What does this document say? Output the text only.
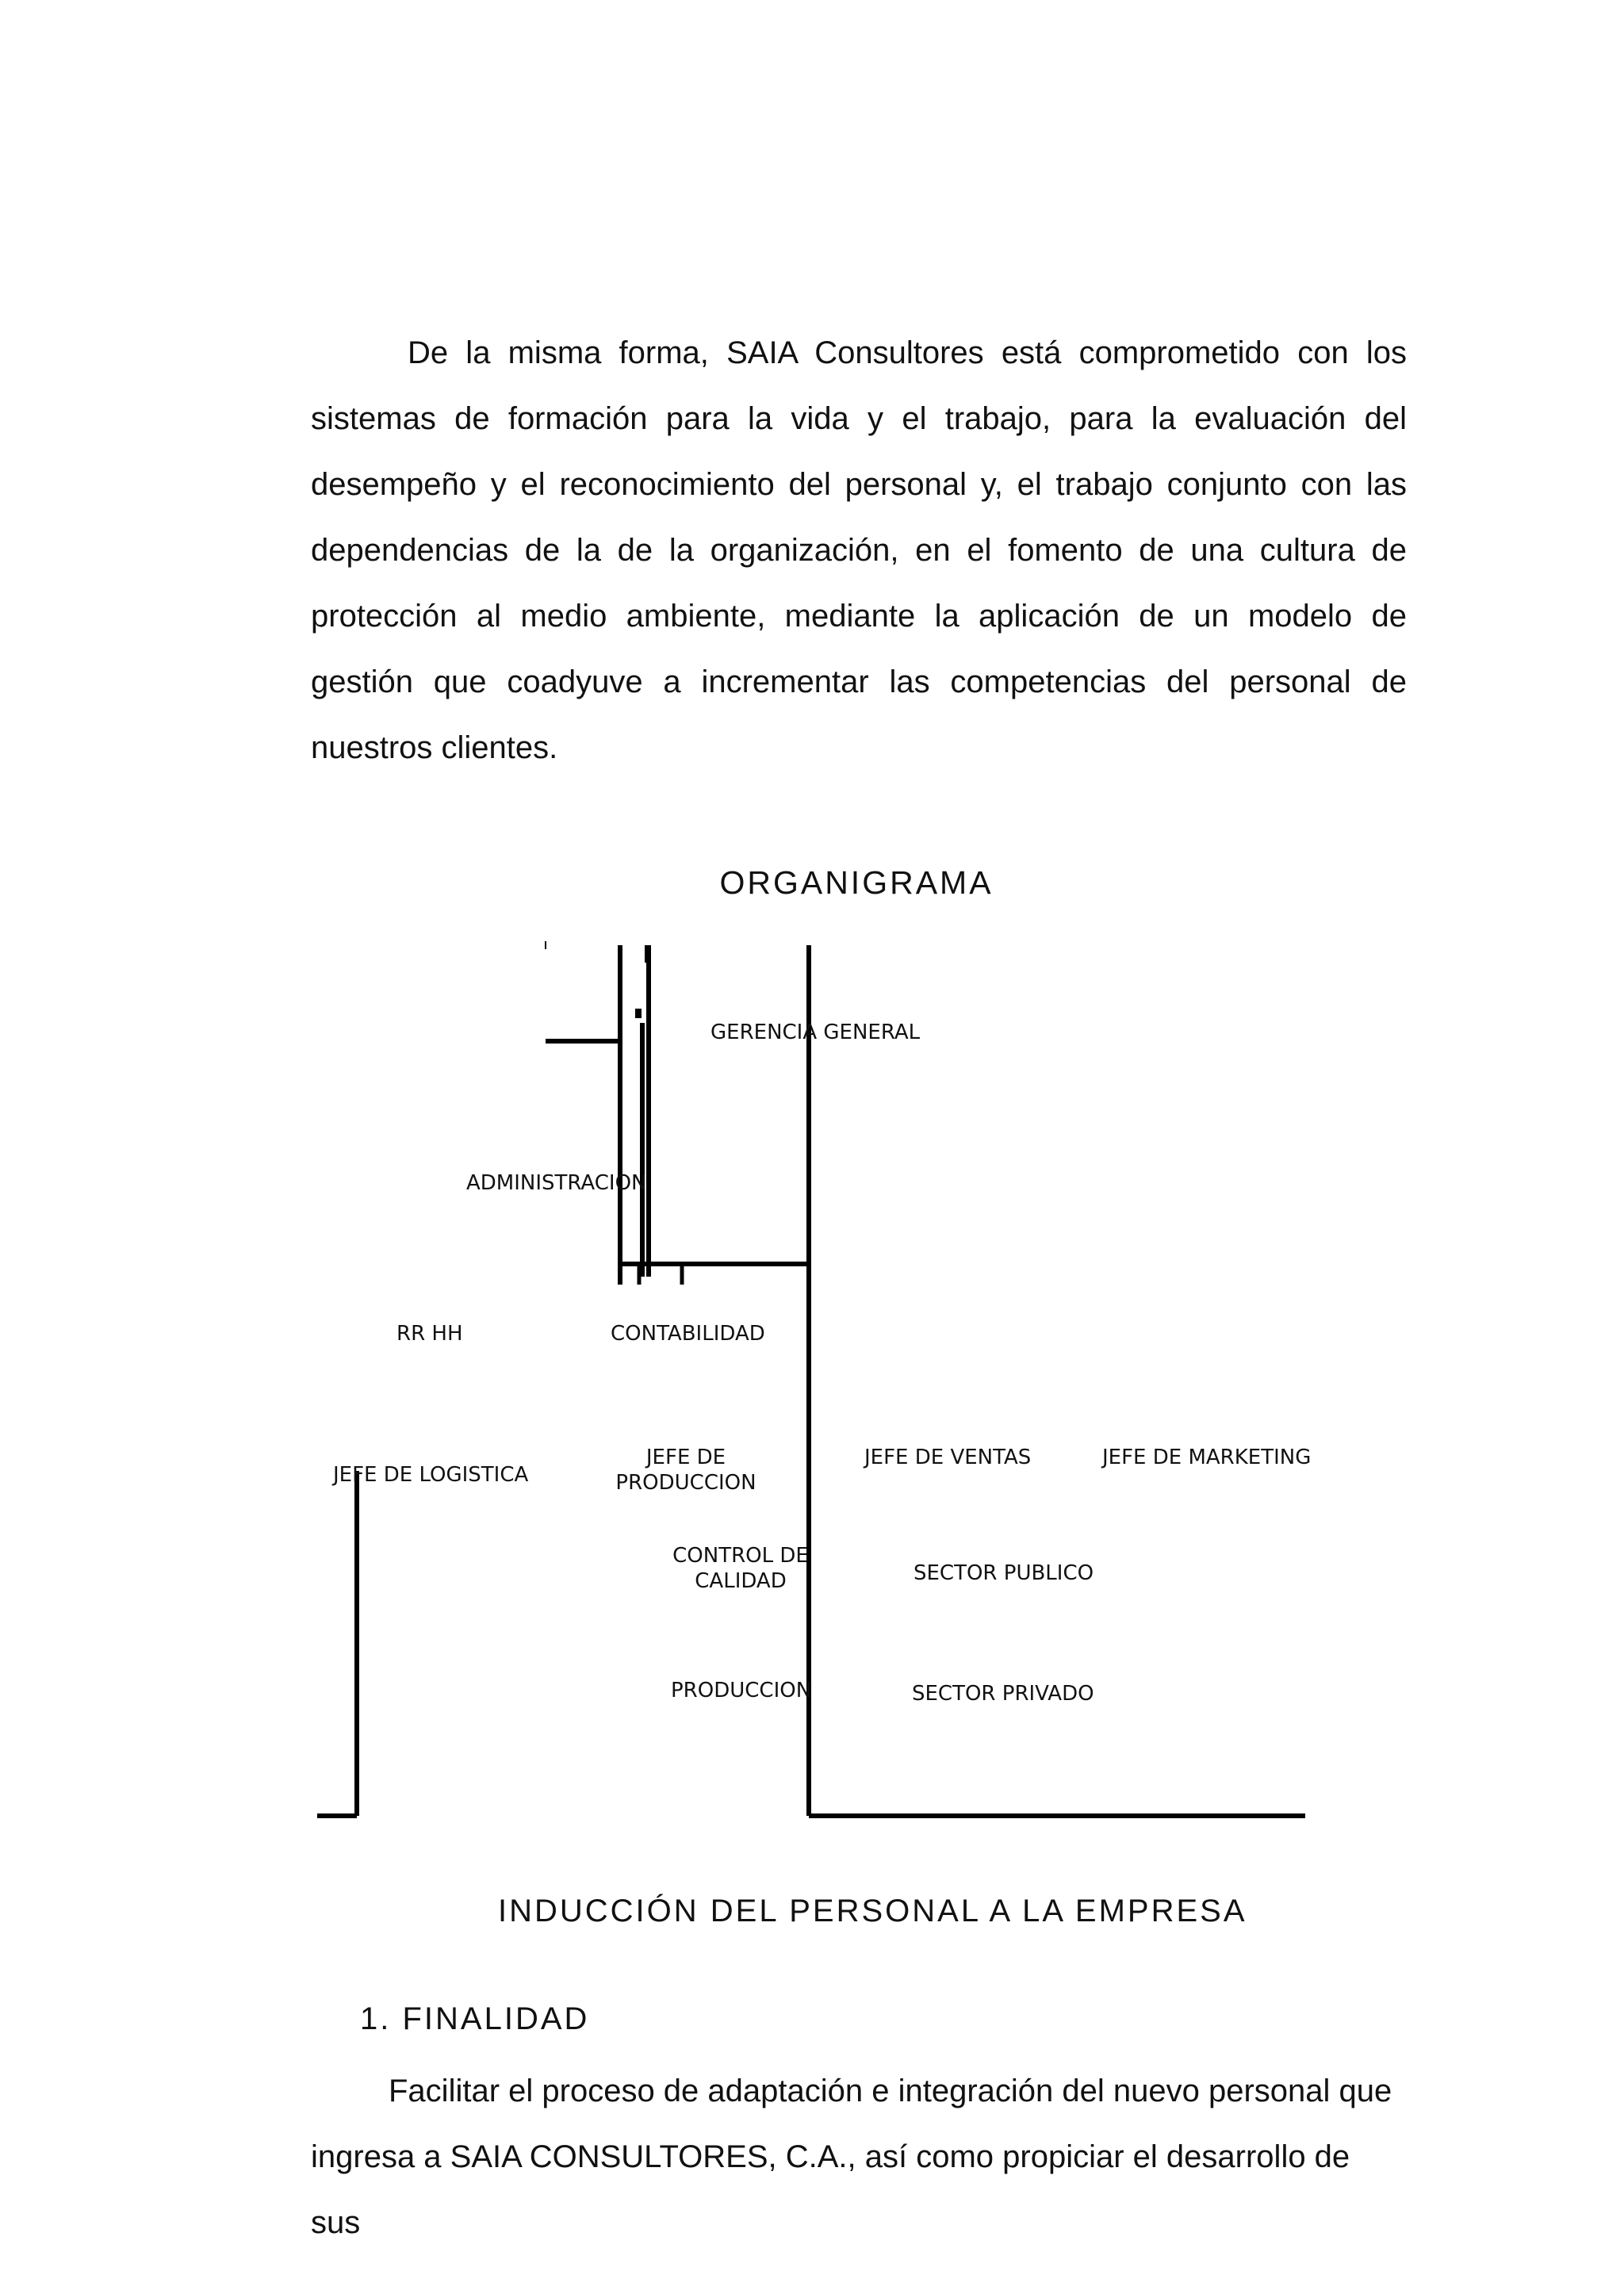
De la misma forma, SAIA Consultores está comprometido con los sistemas de formación para la vida y el trabajo, para la evaluación del desempeño y el reconocimiento del personal y, el trabajo conjunto con las dependencias de la de la organización, en el fomento de una cultura de protección al medio ambiente, mediante la aplicación de un modelo de gestión que coadyuve a incrementar las competencias del personal de nuestros clientes.

ORGANIGRAMA

GERENCIA GENERAL

ADMINISTRACION

RR HH	CONTABILIDAD

JEFE DE LOGISTICA

JEFE DE PRODUCCION

JEFE DE VENTAS	JEFE DE MARKETING

CONTROL DE CALIDAD	SECTOR PUBLICO

PRODUCCION	SECTOR PRIVADO

INDUCCIÓN DEL PERSONAL A LA EMPRESA

1. FINALIDAD

Facilitar el proceso de adaptación e integración del nuevo personal que ingresa a SAIA CONSULTORES, C.A., así como propiciar el desarrollo de sus
